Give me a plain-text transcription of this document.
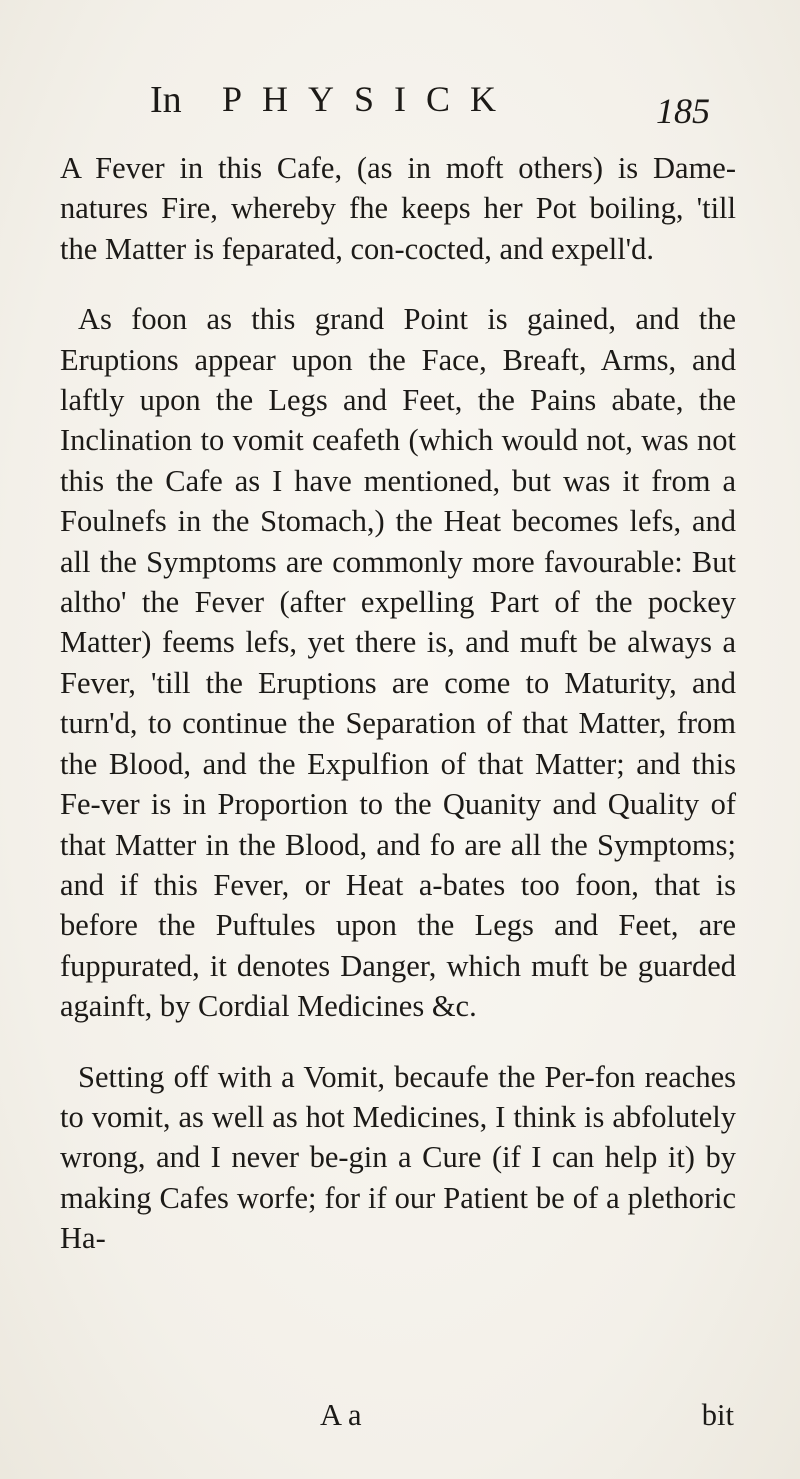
In PHYSICK	185

A Fever in this Cafe, (as in moft others) is Dame-natures Fire, whereby fhe keeps her Pot boiling, 'till the Matter is feparated, con-cocted, and expell'd.

As foon as this grand Point is gained, and the Eruptions appear upon the Face, Breaft, Arms, and laftly upon the Legs and Feet, the Pains abate, the Inclination to vomit ceafeth (which would not, was not this the Cafe as I have mentioned, but was it from a Foulnefs in the Stomach,) the Heat becomes lefs, and all the Symptoms are commonly more favourable: But altho' the Fever (after expelling Part of the pockey Matter) feems lefs, yet there is, and muft be always a Fever, 'till the Eruptions are come to Maturity, and turn'd, to continue the Separation of that Matter, from the Blood, and the Expulfion of that Matter; and this Fe-ver is in Proportion to the Quanity and Quality of that Matter in the Blood, and fo are all the Symptoms; and if this Fever, or Heat a-bates too foon, that is before the Puftules upon the Legs and Feet, are fuppurated, it denotes Danger, which muft be guarded againft, by Cordial Medicines &c.

Setting off with a Vomit, becaufe the Per-fon reaches to vomit, as well as hot Medicines, I think is abfolutely wrong, and I never be-gin a Cure (if I can help it) by making Cafes worfe; for if our Patient be of a plethoric Ha-

A a	bit
